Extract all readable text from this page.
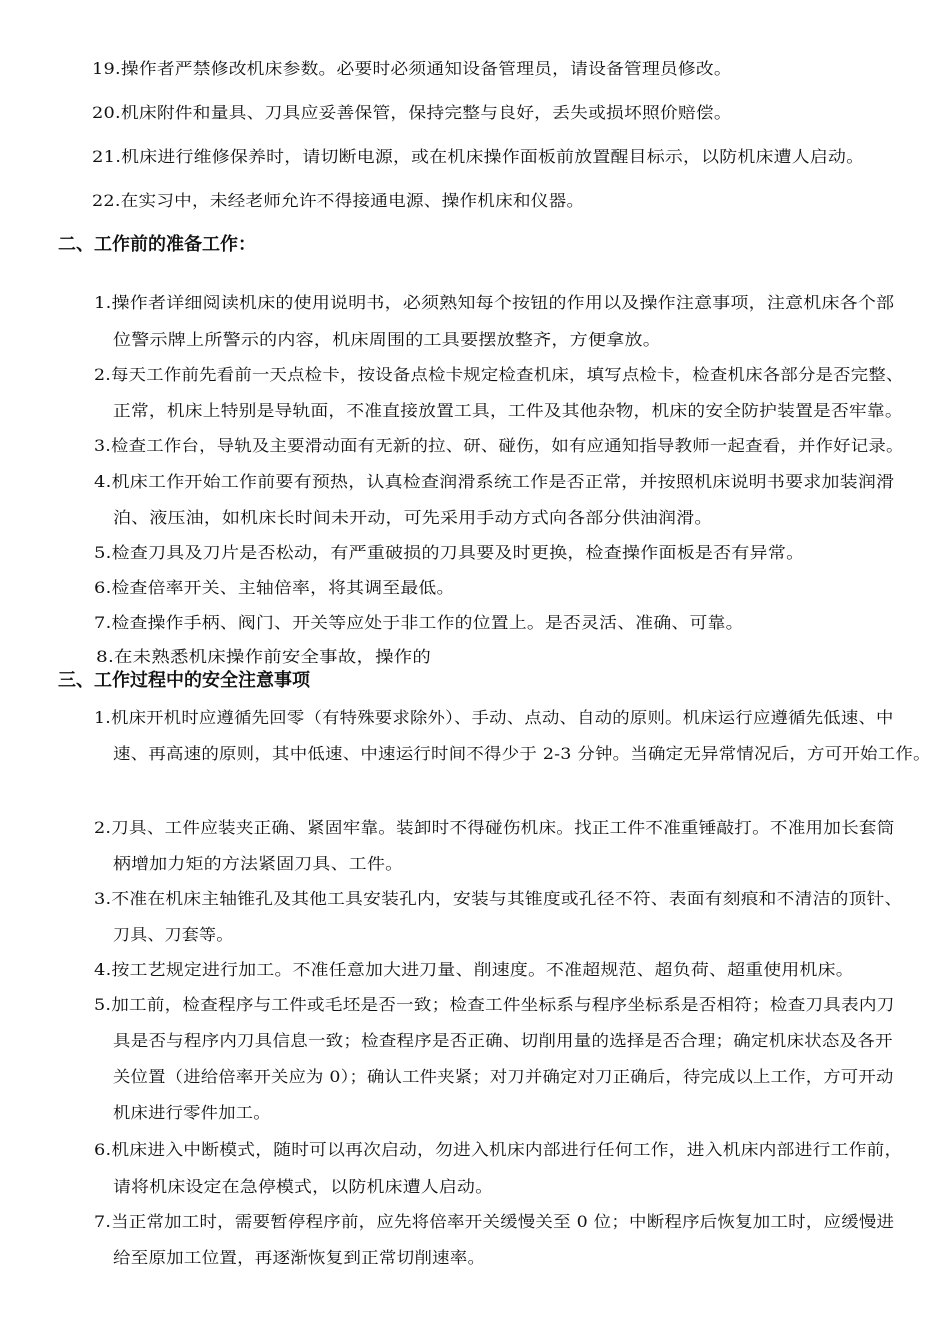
19.操作者严禁修改机床参数。必要时必须通知设备管理员，请设备管理员修改。
20.机床附件和量具、刀具应妥善保管，保持完整与良好，丢失或损坏照价赔偿。
21.机床进行维修保养时，请切断电源，或在机床操作面板前放置醒目标示，以防机床遭人启动。
22.在实习中，未经老师允许不得接通电源、操作机床和仪器。
二、工作前的准备工作：
1.操作者详细阅读机床的使用说明书，必须熟知每个按钮的作用以及操作注意事项，注意机床各个部
位警示牌上所警示的内容，机床周围的工具要摆放整齐，方便拿放。
2.每天工作前先看前一天点检卡，按设备点检卡规定检查机床，填写点检卡，检查机床各部分是否完整、
正常，机床上特别是导轨面，不准直接放置工具，工件及其他杂物，机床的安全防护装置是否牢靠。
3.检查工作台，导轨及主要滑动面有无新的拉、研、碰伤，如有应通知指导教师一起查看，并作好记录。
4.机床工作开始工作前要有预热，认真检查润滑系统工作是否正常，并按照机床说明书要求加装润滑
泊、液压油，如机床长时间未开动，可先采用手动方式向各部分供油润滑。
5.检查刀具及刀片是否松动，有严重破损的刀具要及时更换，检查操作面板是否有异常。
6.检查倍率开关、主轴倍率，将其调至最低。
7.检查操作手柄、阀门、开关等应处于非工作的位置上。是否灵活、准确、可靠。
8.在未熟悉机床操作前安全事故，操作的
三、工作过程中的安全注意事项
1.机床开机时应遵循先回零（有特殊要求除外）、手动、点动、自动的原则。机床运行应遵循先低速、中
速、再高速的原则，其中低速、中速运行时间不得少于 2-3 分钟。当确定无异常情况后，方可开始工作。
2.刀具、工件应装夹正确、紧固牢靠。装卸时不得碰伤机床。找正工件不准重锤敲打。不准用加长套筒
柄增加力矩的方法紧固刀具、工件。
3.不准在机床主轴锥孔及其他工具安装孔内，安装与其锥度或孔径不符、表面有刻痕和不清洁的顶针、
刀具、刀套等。
4.按工艺规定进行加工。不准任意加大进刀量、削速度。不准超规范、超负荷、超重使用机床。
5.加工前，检查程序与工件或毛坯是否一致；检查工件坐标系与程序坐标系是否相符；检查刀具表内刀
具是否与程序内刀具信息一致；检查程序是否正确、切削用量的选择是否合理；确定机床状态及各开
关位置（进给倍率开关应为 0）；确认工件夹紧；对刀并确定对刀正确后，待完成以上工作，方可开动
机床进行零件加工。
6.机床进入中断模式，随时可以再次启动，勿进入机床内部进行任何工作，进入机床内部进行工作前，
请将机床设定在急停模式，以防机床遭人启动。
7.当正常加工时，需要暂停程序前，应先将倍率开关缓慢关至 0 位；中断程序后恢复加工时，应缓慢进
给至原加工位置，再逐渐恢复到正常切削速率。
